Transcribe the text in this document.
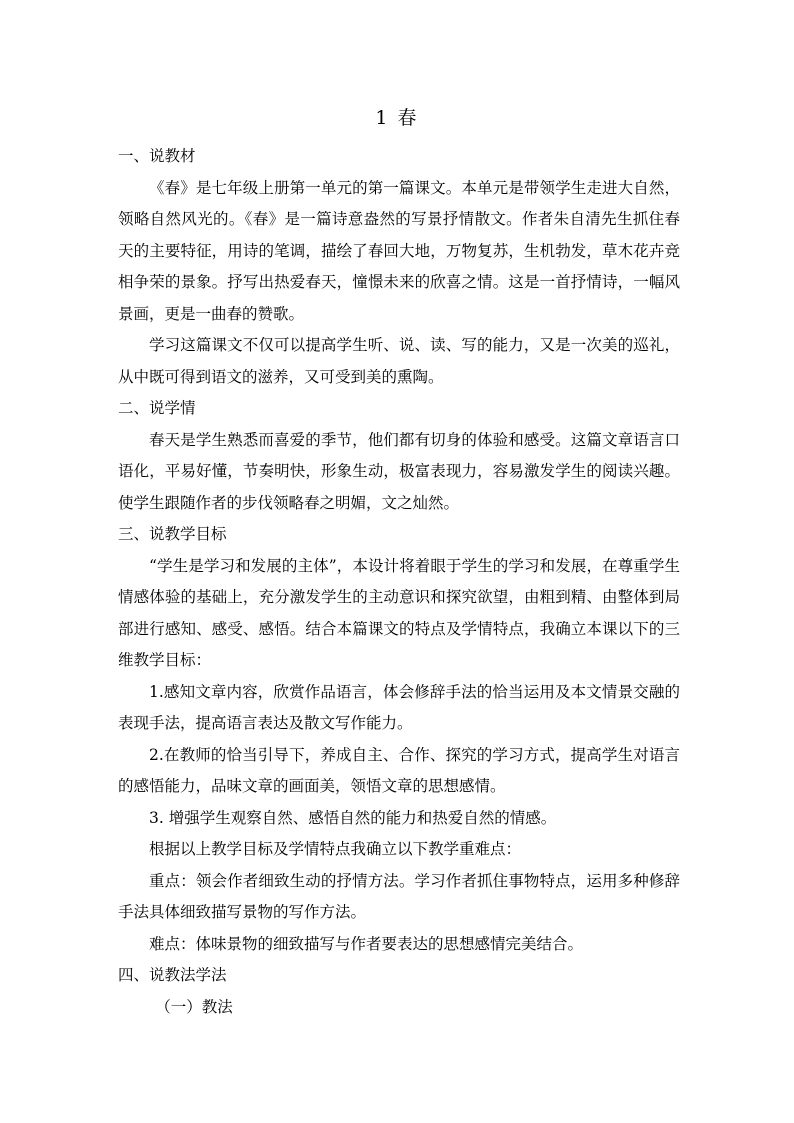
1 春

一、说教材

《春》是七年级上册第一单元的第一篇课文。本单元是带领学生走进大自然，领略自然风光的。《春》是一篇诗意盎然的写景抒情散文。作者朱自清先生抓住春天的主要特征，用诗的笔调，描绘了春回大地，万物复苏，生机勃发，草木花卉竞相争荣的景象。抒写出热爱春天，憧憬未来的欣喜之情。这是一首抒情诗，一幅风景画，更是一曲春的赞歌。

学习这篇课文不仅可以提高学生听、说、读、写的能力，又是一次美的巡礼，从中既可得到语文的滋养，又可受到美的熏陶。

二、说学情

春天是学生熟悉而喜爱的季节，他们都有切身的体验和感受。这篇文章语言口语化，平易好懂，节奏明快，形象生动，极富表现力，容易激发学生的阅读兴趣。使学生跟随作者的步伐领略春之明媚，文之灿然。

三、说教学目标

“学生是学习和发展的主体”，本设计将着眼于学生的学习和发展，在尊重学生情感体验的基础上，充分激发学生的主动意识和探究欲望，由粗到精、由整体到局部进行感知、感受、感悟。结合本篇课文的特点及学情特点，我确立本课以下的三维教学目标：

1.感知文章内容，欣赏作品语言，体会修辞手法的恰当运用及本文情景交融的表现手法，提高语言表达及散文写作能力。

2.在教师的恰当引导下，养成自主、合作、探究的学习方式，提高学生对语言的感悟能力，品味文章的画面美，领悟文章的思想感情。

3. 增强学生观察自然、感悟自然的能力和热爱自然的情感。

根据以上教学目标及学情特点我确立以下教学重难点：

重点：领会作者细致生动的抒情方法。学习作者抓住事物特点，运用多种修辞手法具体细致描写景物的写作方法。

难点：体味景物的细致描写与作者要表达的思想感情完美结合。

四、说教法学法

（一）教法
